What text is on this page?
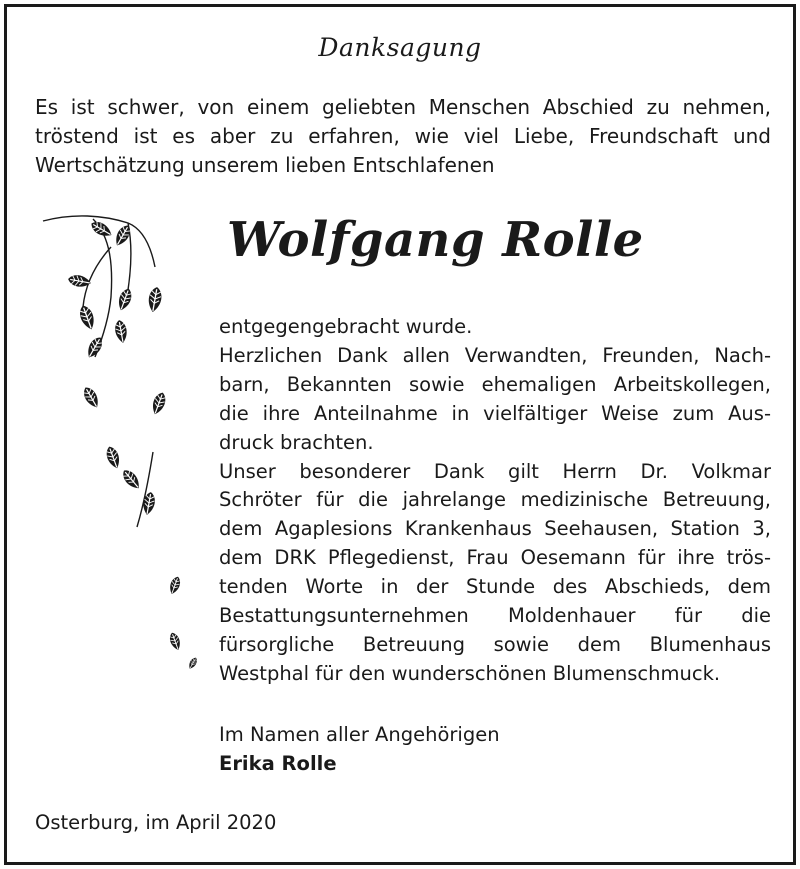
Danksagung
Es ist schwer, von einem geliebten Menschen Abschied zu nehmen,
tröstend ist es aber zu erfahren, wie viel Liebe, Freundschaft und
Wertschätzung unserem lieben Entschlafenen
Wolfgang Rolle
entgegengebracht wurde.
Herzlichen Dank allen Verwandten, Freunden, Nach-
barn, Bekannten sowie ehemaligen Arbeitskollegen,
die ihre Anteilnahme in vielfältiger Weise zum Aus-
druck brachten.
Unser besonderer Dank gilt Herrn Dr. Volkmar
Schröter für die jahrelange medizinische Betreuung,
dem Agaplesions Krankenhaus Seehausen, Station 3,
dem DRK Pflegedienst, Frau Oesemann für ihre trös-
tenden Worte in der Stunde des Abschieds, dem
Bestattungsunternehmen Moldenhauer für die
fürsorgliche Betreuung sowie dem Blumenhaus
Westphal für den wunderschönen Blumenschmuck.
Im Namen aller Angehörigen
Erika Rolle
Osterburg, im April 2020
